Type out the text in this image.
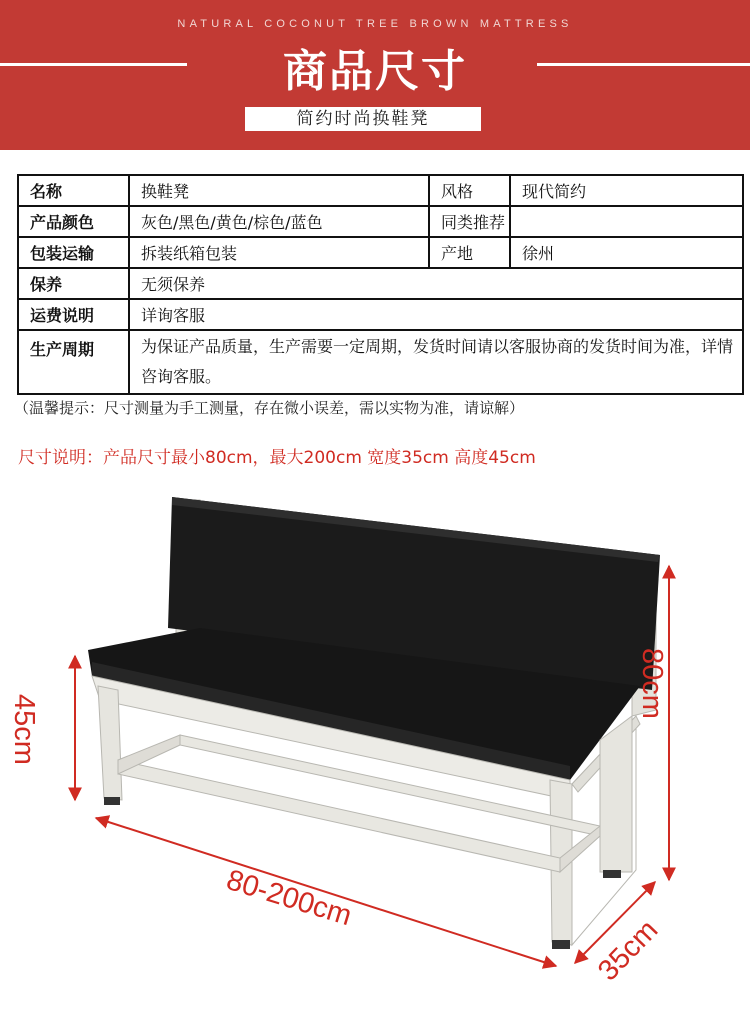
NATURAL COCONUT TREE BROWN MATTRESS
商品尺寸
简约时尚换鞋凳
名称	换鞋凳	风格	现代简约
产品颜色	灰色/黑色/黄色/棕色/蓝色	同类推荐	
包装运输	拆装纸箱包装	产地	徐州
保养	无须保养		
运费说明	详询客服		
生产周期	为保证产品质量，生产需要一定周期，发货时间请以客服协商的发货时间为准，详情咨询客服。		
（温馨提示：尺寸测量为手工测量，存在微小误差，需以实物为准，请谅解）
尺寸说明：产品尺寸最小80cm，最大200cm 宽度35cm 高度45cm
80cm
45cm
80-200cm
35cm
